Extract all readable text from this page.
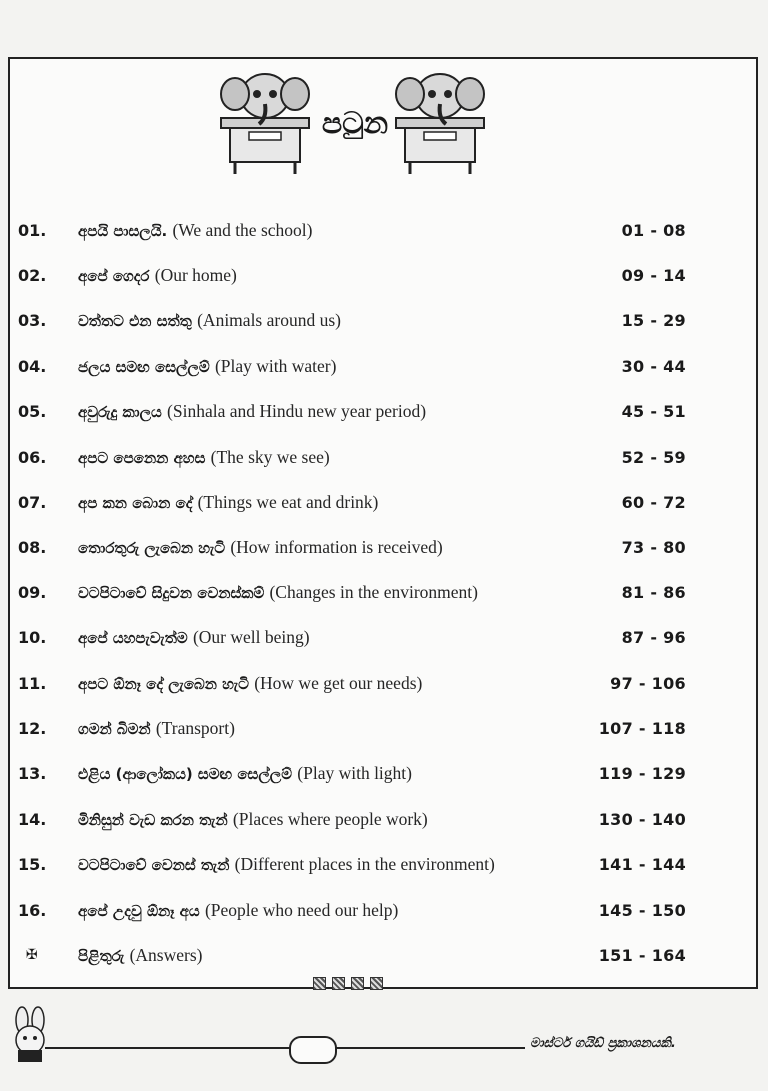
පටුන
01.	අපයි පාසලයි. (We and the school)	01 - 08
02.	අපේ ගෙදර (Our home)	09 - 14
03.	වත්තට එන සත්තු (Animals around us)	15 - 29
04.	ජලය සමඟ සෙල්ලම් (Play with water)	30 - 44
05.	අවුරුදු කාලය (Sinhala and Hindu new year period)	45 - 51
06.	අපට පෙනෙන අහස (The sky we see)	52 - 59
07.	අප කන බොන දේ (Things we eat and drink)	60 - 72
08.	තොරතුරු ලැබෙන හැටි (How information is received)	73 - 80
09.	වටපිටාවේ සිදුවන වෙනස්කම් (Changes in the environment)	81 - 86
10.	අපේ යහපැවැත්ම (Our well being)	87 - 96
11.	අපට ඕනෑ දේ ලැබෙන හැටි (How we get our needs)	97 - 106
12.	ගමන් බිමන් (Transport)	107 - 118
13.	එළිය (ආලෝකය) සමඟ සෙල්ලම් (Play with light)	119 - 129
14.	මිනිසුන් වැඩ කරන තැන් (Places where people work)	130 - 140
15.	වටපිටාවේ වෙනස් තැන් (Different places in the environment)	141 - 144
16.	අපේ උදවු ඕනෑ අය (People who need our help)	145 - 150
✠	පිළිතුරු (Answers)	151 - 164
මාස්ටර් ගයිඩ් ප්‍රකාශනයකි.
